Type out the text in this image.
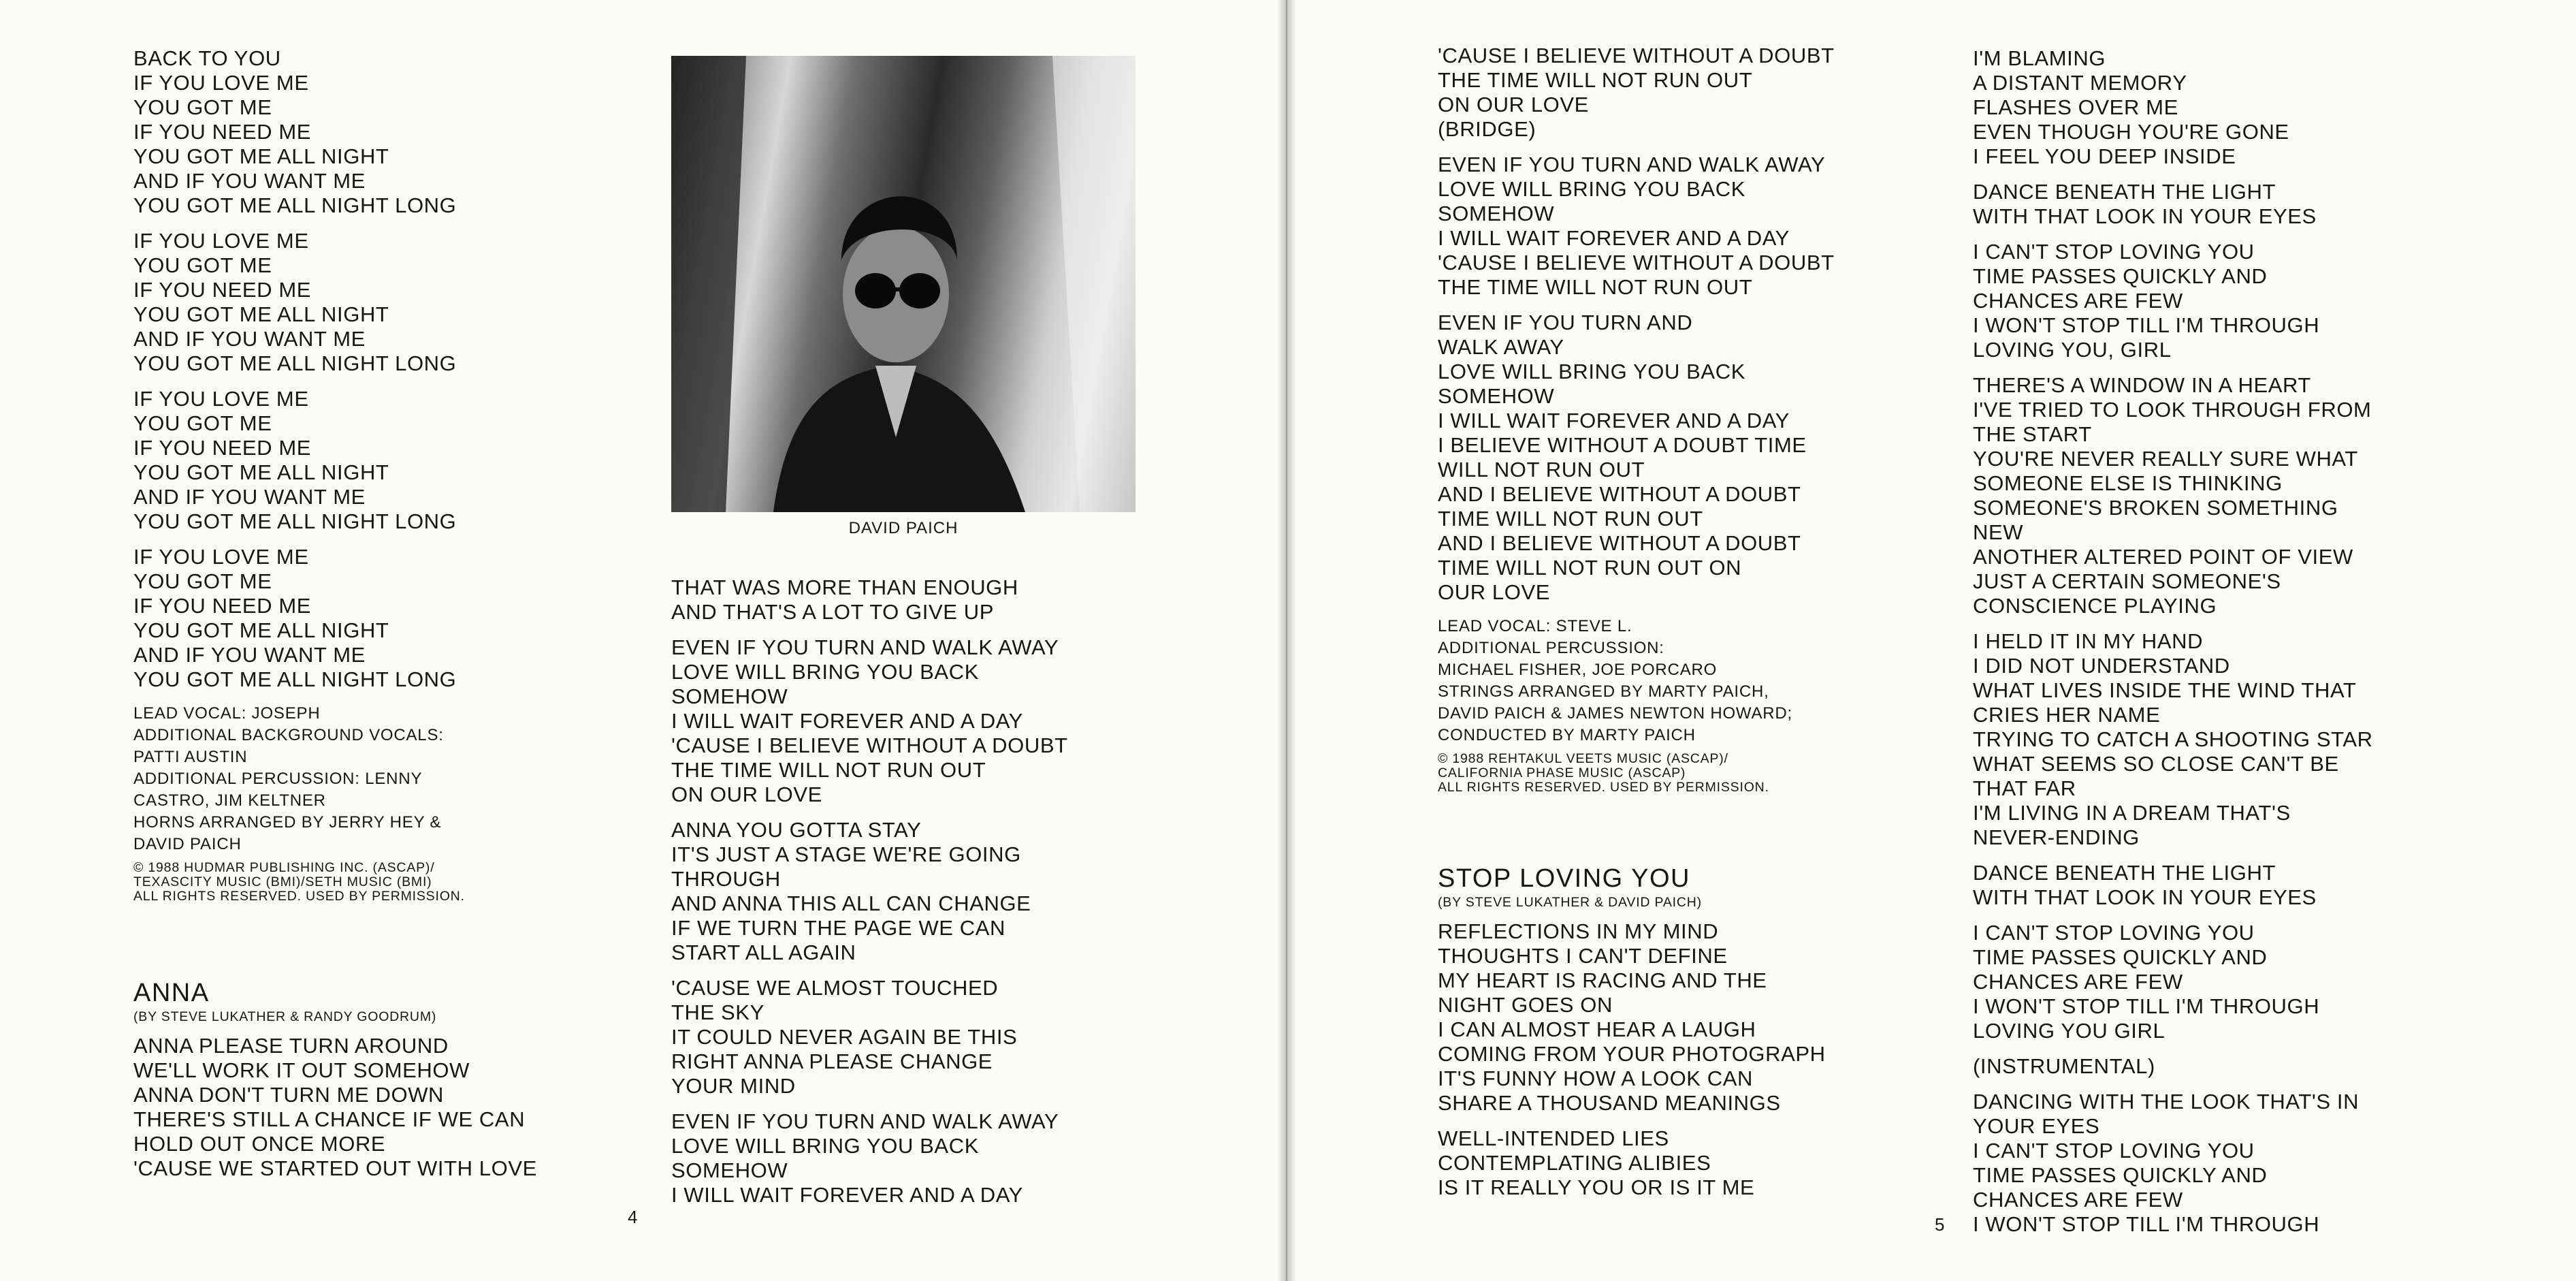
BACK TO YOU
IF YOU LOVE ME
YOU GOT ME
IF YOU NEED ME
YOU GOT ME ALL NIGHT
AND IF YOU WANT ME
YOU GOT ME ALL NIGHT LONG
IF YOU LOVE ME
YOU GOT ME
IF YOU NEED ME
YOU GOT ME ALL NIGHT
AND IF YOU WANT ME
YOU GOT ME ALL NIGHT LONG
IF YOU LOVE ME
YOU GOT ME
IF YOU NEED ME
YOU GOT ME ALL NIGHT
AND IF YOU WANT ME
YOU GOT ME ALL NIGHT LONG
IF YOU LOVE ME
YOU GOT ME
IF YOU NEED ME
YOU GOT ME ALL NIGHT
AND IF YOU WANT ME
YOU GOT ME ALL NIGHT LONG
LEAD VOCAL: JOSEPH
ADDITIONAL BACKGROUND VOCALS:
PATTI AUSTIN
ADDITIONAL PERCUSSION: LENNY
CASTRO, JIM KELTNER
HORNS ARRANGED BY JERRY HEY &
DAVID PAICH
© 1988 HUDMAR PUBLISHING INC. (ASCAP)/
TEXASCITY MUSIC (BMI)/SETH MUSIC (BMI)
ALL RIGHTS RESERVED. USED BY PERMISSION.
ANNA
(BY STEVE LUKATHER & RANDY GOODRUM)
ANNA PLEASE TURN AROUND
WE'LL WORK IT OUT SOMEHOW
ANNA DON'T TURN ME DOWN
THERE'S STILL A CHANCE IF WE CAN
HOLD OUT ONCE MORE
'CAUSE WE STARTED OUT WITH LOVE
DAVID PAICH
THAT WAS MORE THAN ENOUGH
AND THAT'S A LOT TO GIVE UP
EVEN IF YOU TURN AND WALK AWAY
LOVE WILL BRING YOU BACK
SOMEHOW
I WILL WAIT FOREVER AND A DAY
'CAUSE I BELIEVE WITHOUT A DOUBT
THE TIME WILL NOT RUN OUT
ON OUR LOVE
ANNA YOU GOTTA STAY
IT'S JUST A STAGE WE'RE GOING
THROUGH
AND ANNA THIS ALL CAN CHANGE
IF WE TURN THE PAGE WE CAN
START ALL AGAIN
'CAUSE WE ALMOST TOUCHED
THE SKY
IT COULD NEVER AGAIN BE THIS
RIGHT ANNA PLEASE CHANGE
YOUR MIND
EVEN IF YOU TURN AND WALK AWAY
LOVE WILL BRING YOU BACK
SOMEHOW
I WILL WAIT FOREVER AND A DAY
4
'CAUSE I BELIEVE WITHOUT A DOUBT
THE TIME WILL NOT RUN OUT
ON OUR LOVE
(BRIDGE)
EVEN IF YOU TURN AND WALK AWAY
LOVE WILL BRING YOU BACK
SOMEHOW
I WILL WAIT FOREVER AND A DAY
'CAUSE I BELIEVE WITHOUT A DOUBT
THE TIME WILL NOT RUN OUT
EVEN IF YOU TURN AND
WALK AWAY
LOVE WILL BRING YOU BACK
SOMEHOW
I WILL WAIT FOREVER AND A DAY
I BELIEVE WITHOUT A DOUBT TIME
WILL NOT RUN OUT
AND I BELIEVE WITHOUT A DOUBT
TIME WILL NOT RUN OUT
AND I BELIEVE WITHOUT A DOUBT
TIME WILL NOT RUN OUT ON
OUR LOVE
LEAD VOCAL: STEVE L.
ADDITIONAL PERCUSSION:
MICHAEL FISHER, JOE PORCARO
STRINGS ARRANGED BY MARTY PAICH,
DAVID PAICH & JAMES NEWTON HOWARD;
CONDUCTED BY MARTY PAICH
© 1988 REHTAKUL VEETS MUSIC (ASCAP)/
CALIFORNIA PHASE MUSIC (ASCAP)
ALL RIGHTS RESERVED. USED BY PERMISSION.
STOP LOVING YOU
(BY STEVE LUKATHER & DAVID PAICH)
REFLECTIONS IN MY MIND
THOUGHTS I CAN'T DEFINE
MY HEART IS RACING AND THE
NIGHT GOES ON
I CAN ALMOST HEAR A LAUGH
COMING FROM YOUR PHOTOGRAPH
IT'S FUNNY HOW A LOOK CAN
SHARE A THOUSAND MEANINGS
WELL-INTENDED LIES
CONTEMPLATING ALIBIES
IS IT REALLY YOU OR IS IT ME
I'M BLAMING
A DISTANT MEMORY
FLASHES OVER ME
EVEN THOUGH YOU'RE GONE
I FEEL YOU DEEP INSIDE
DANCE BENEATH THE LIGHT
WITH THAT LOOK IN YOUR EYES
I CAN'T STOP LOVING YOU
TIME PASSES QUICKLY AND
CHANCES ARE FEW
I WON'T STOP TILL I'M THROUGH
LOVING YOU, GIRL
THERE'S A WINDOW IN A HEART
I'VE TRIED TO LOOK THROUGH FROM
THE START
YOU'RE NEVER REALLY SURE WHAT
SOMEONE ELSE IS THINKING
SOMEONE'S BROKEN SOMETHING
NEW
ANOTHER ALTERED POINT OF VIEW
JUST A CERTAIN SOMEONE'S
CONSCIENCE PLAYING
I HELD IT IN MY HAND
I DID NOT UNDERSTAND
WHAT LIVES INSIDE THE WIND THAT
CRIES HER NAME
TRYING TO CATCH A SHOOTING STAR
WHAT SEEMS SO CLOSE CAN'T BE
THAT FAR
I'M LIVING IN A DREAM THAT'S
NEVER-ENDING
DANCE BENEATH THE LIGHT
WITH THAT LOOK IN YOUR EYES
I CAN'T STOP LOVING YOU
TIME PASSES QUICKLY AND
CHANCES ARE FEW
I WON'T STOP TILL I'M THROUGH
LOVING YOU GIRL
(INSTRUMENTAL)
DANCING WITH THE LOOK THAT'S IN
YOUR EYES
I CAN'T STOP LOVING YOU
TIME PASSES QUICKLY AND
CHANCES ARE FEW
I WON'T STOP TILL I'M THROUGH
5
